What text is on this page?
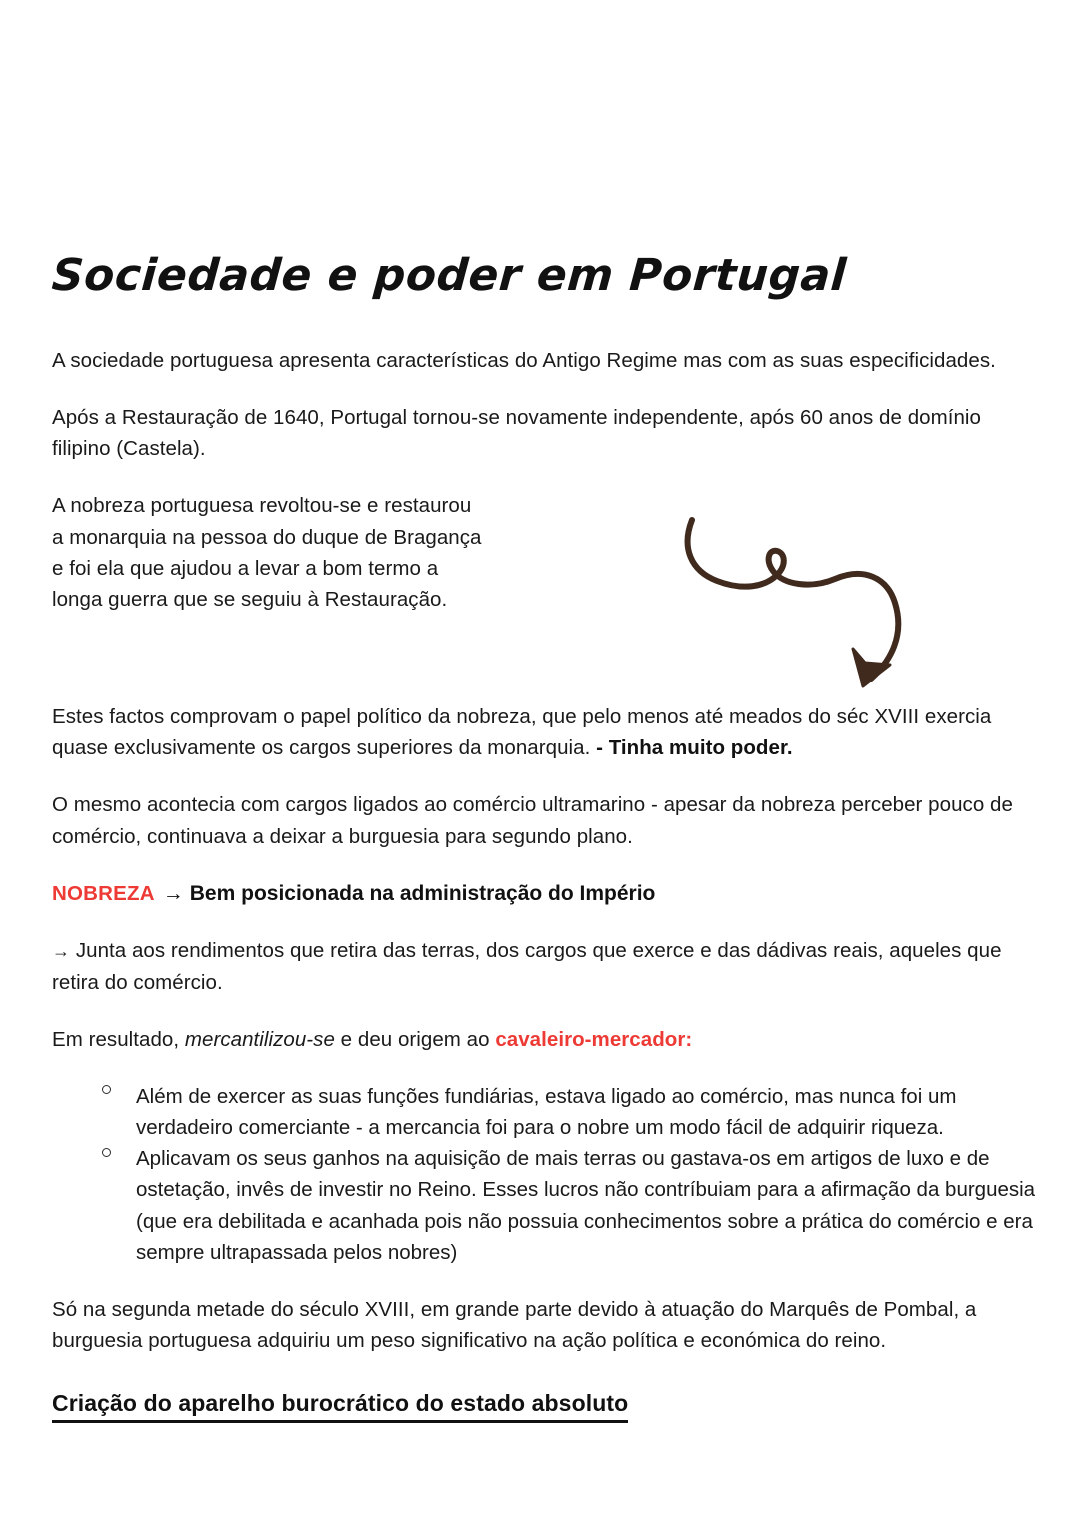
Sociedade e poder em Portugal

A sociedade portuguesa apresenta características do Antigo Regime mas com as suas especificidades.

Após a Restauração de 1640, Portugal tornou-se novamente independente, após 60 anos de domínio filipino (Castela).

A nobreza portuguesa revoltou-se e restaurou

a monarquia na pessoa do duque de Bragança

e foi ela que ajudou a levar a bom termo a

longa guerra que se seguiu à Restauração.

Estes factos comprovam o papel político da nobreza, que pelo menos até meados do séc XVIII exercia quase exclusivamente os cargos superiores da monarquia. - Tinha muito poder.

O mesmo acontecia com cargos ligados ao comércio ultramarino - apesar da nobreza perceber pouco de comércio, continuava a deixar a burguesia para segundo plano.

NOBREZA → Bem posicionada na administração do Império

→ Junta aos rendimentos que retira das terras, dos cargos que exerce e das dádivas reais, aqueles que retira do comércio.

Em resultado, mercantilizou-se e deu origem ao cavaleiro-mercador:

Além de exercer as suas funções fundiárias, estava ligado ao comércio, mas nunca foi um verdadeiro comerciante - a mercancia foi para o nobre um modo fácil de adquirir riqueza.
Aplicavam os seus ganhos na aquisição de mais terras ou gastava-os em artigos de luxo e de ostetação, invês de investir no Reino. Esses lucros não contríbuiam para a afirmação da burguesia (que era debilitada e acanhada pois não possuia conhecimentos sobre a prática do comércio e era sempre ultrapassada pelos nobres)

Só na segunda metade do século XVIII, em grande parte devido à atuação do Marquês de Pombal, a burguesia portuguesa adquiriu um peso significativo na ação política e económica do reino.

Criação do aparelho burocrático do estado absoluto
